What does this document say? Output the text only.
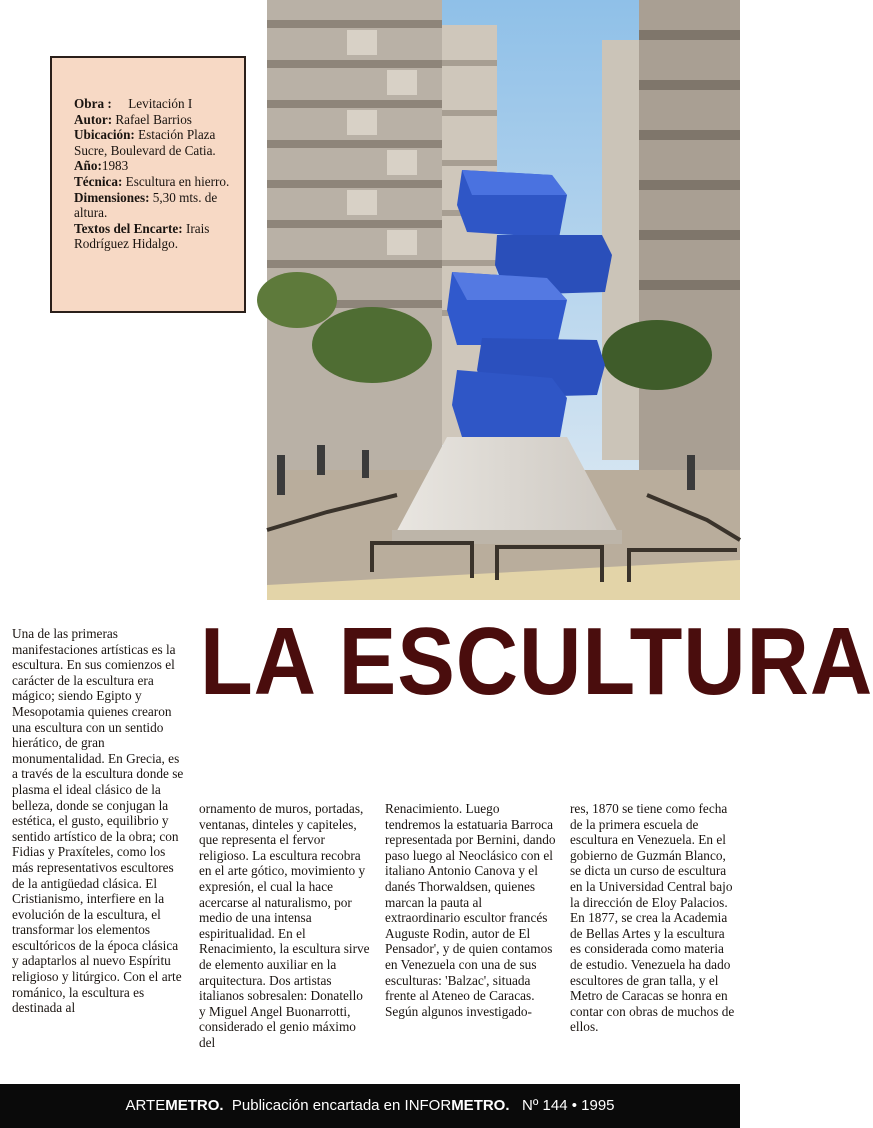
Obra : Levitación I

Autor: Rafael Barrios

Ubicación: Estación Plaza Sucre, Boulevard de Catia.

Año:1983

Técnica: Escultura en hierro.

Dimensiones: 5,30 mts. de altura.

Textos del Encarte: Irais Rodríguez Hidalgo.

LA ESCULTURA

Una de las primeras manifestaciones artísticas es la escultura. En sus comienzos el carácter de la escultura era mágico; siendo Egipto y Mesopotamia quienes crearon una escultura con un sentido hierático, de gran monumentalidad. En Grecia, es a través de la escultura donde se plasma el ideal clásico de la belleza, donde se conjugan la estética, el gusto, equilibrio y sentido artístico de la obra; con Fidias y Praxíteles, como los más representativos escultores de la antigüedad clásica. El Cristianismo, interfiere en la evolución de la escultura, el transformar los elementos escultóricos de la época clásica y adaptarlos al nuevo Espíritu religioso y litúrgico. Con el arte románico, la escultura es destinada al

ornamento de muros, portadas, ventanas, dinteles y capiteles, que representa el fervor religioso. La escultura recobra en el arte gótico, movimiento y expresión, el cual la hace acercarse al naturalismo, por medio de una intensa espiritualidad. En el Renacimiento, la escultura sirve de elemento auxiliar en la arquitectura. Dos artistas italianos sobresalen: Donatello y Miguel Angel Buonarrotti, considerado el genio máximo del

Renacimiento. Luego tendremos la estatuaria Barroca representada por Bernini, dando paso luego al Neoclásico con el italiano Antonio Canova y el danés Thorwaldsen, quienes marcan la pauta al extraordinario escultor francés Auguste Rodin, autor de El Pensador', y de quien contamos en Venezuela con una de sus esculturas: 'Balzac', situada frente al Ateneo de Caracas. Según algunos investigado-

res, 1870 se tiene como fecha de la primera escuela de escultura en Venezuela. En el gobierno de Guzmán Blanco, se dicta un curso de escultura en la Universidad Central bajo la dirección de Eloy Palacios. En 1877, se crea la Academia de Bellas Artes y la escultura es considerada como materia de estudio. Venezuela ha dado escultores de gran talla, y el Metro de Caracas se honra en contar con obras de muchos de ellos.

ARTEMETRO. Publicación encartada en INFORMETRO. Nº 144 • 1995
